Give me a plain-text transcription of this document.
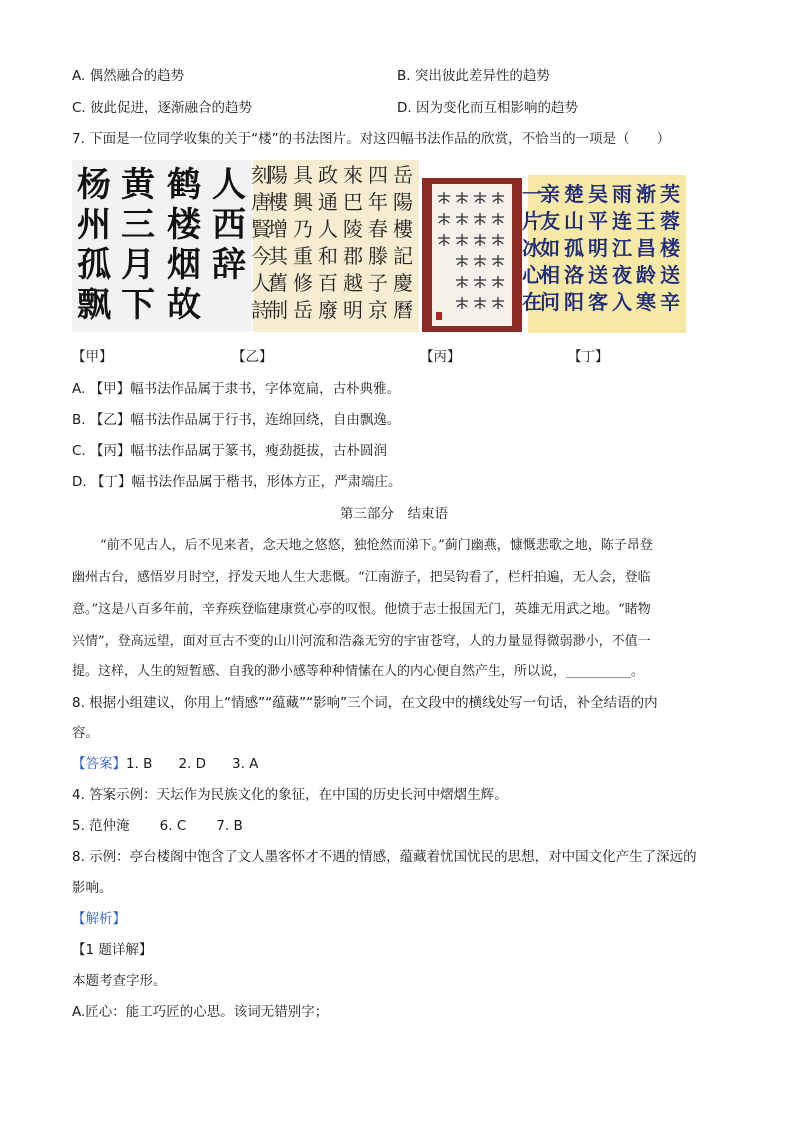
A. 偶然融合的趋势	B. 突出彼此差异性的趋势
C. 彼此促进，逐渐融合的趋势	D. 因为变化而互相影响的趋势
7. 下面是一位同学收集的关于“楼”的书法图片。对这四幅书法作品的欣赏，不恰当的一项是（　　）
杨
州
孤
飘
黄
三
月
下
鹤
楼
烟
故
人
西
辞
岳
陽
樓
記
慶
曆
四
年
春
滕
子
京
來
巴
陵
郡
越
明
政
通
人
和
百
廢
具
興
乃
重
修
岳
陽
樓
增
其
舊
制
刻
唐
賢
今
人
詩
芙
蓉
楼
送
辛
渐
王
昌
龄
寒
雨
连
江
夜
入
吴
平
明
送
客
楚
山
孤
洛
阳
亲
友
如
相
问
一
片
冰
心
在
【甲】	【乙】	【丙】	【丁】
A. 【甲】幅书法作品属于隶书，字体宽扁，古朴典雅。
B. 【乙】幅书法作品属于行书，连绵回绕，自由飘逸。
C. 【丙】幅书法作品属于篆书，瘦劲挺拔，古朴圆润
D. 【丁】幅书法作品属于楷书，形体方正，严肃端庄。
第三部分　结束语
“前不见古人，后不见来者，念天地之悠悠，独怆然而涕下。”蓟门幽燕，慷慨悲歌之地，陈子昂登
幽州古台，感悟岁月时空，抒发天地人生大悲慨。“江南游子，把吴钩看了，栏杆拍遍，无人会，登临
意。”这是八百多年前，辛弃疾登临建康赏心亭的叹恨。他愤于志士报国无门，英雄无用武之地。“睹物
兴情”，登高远望，面对亘古不变的山川河流和浩淼无穷的宇宙苍穹，人的力量显得微弱渺小，不值一
提。这样，人生的短暂感、自我的渺小感等种种情愫在人的内心便自然产生，所以说，__________。
8. 根据小组建议，你用上“情感”“蕴藏”“影响”三个词，在文段中的横线处写一句话，补全结语的内
容。
【答案】1. B 2. D 3. A
4. 答案示例：天坛作为民族文化的象征，在中国的历史长河中熠熠生辉。
5. 范仲淹 6. C 7. B
8. 示例：亭台楼阁中饱含了文人墨客怀才不遇的情感，蕴藏着忧国忧民的思想，对中国文化产生了深远的
影响。
【解析】
【1 题详解】
本题考查字形。
A.匠心：能工巧匠的心思。该词无错别字；
